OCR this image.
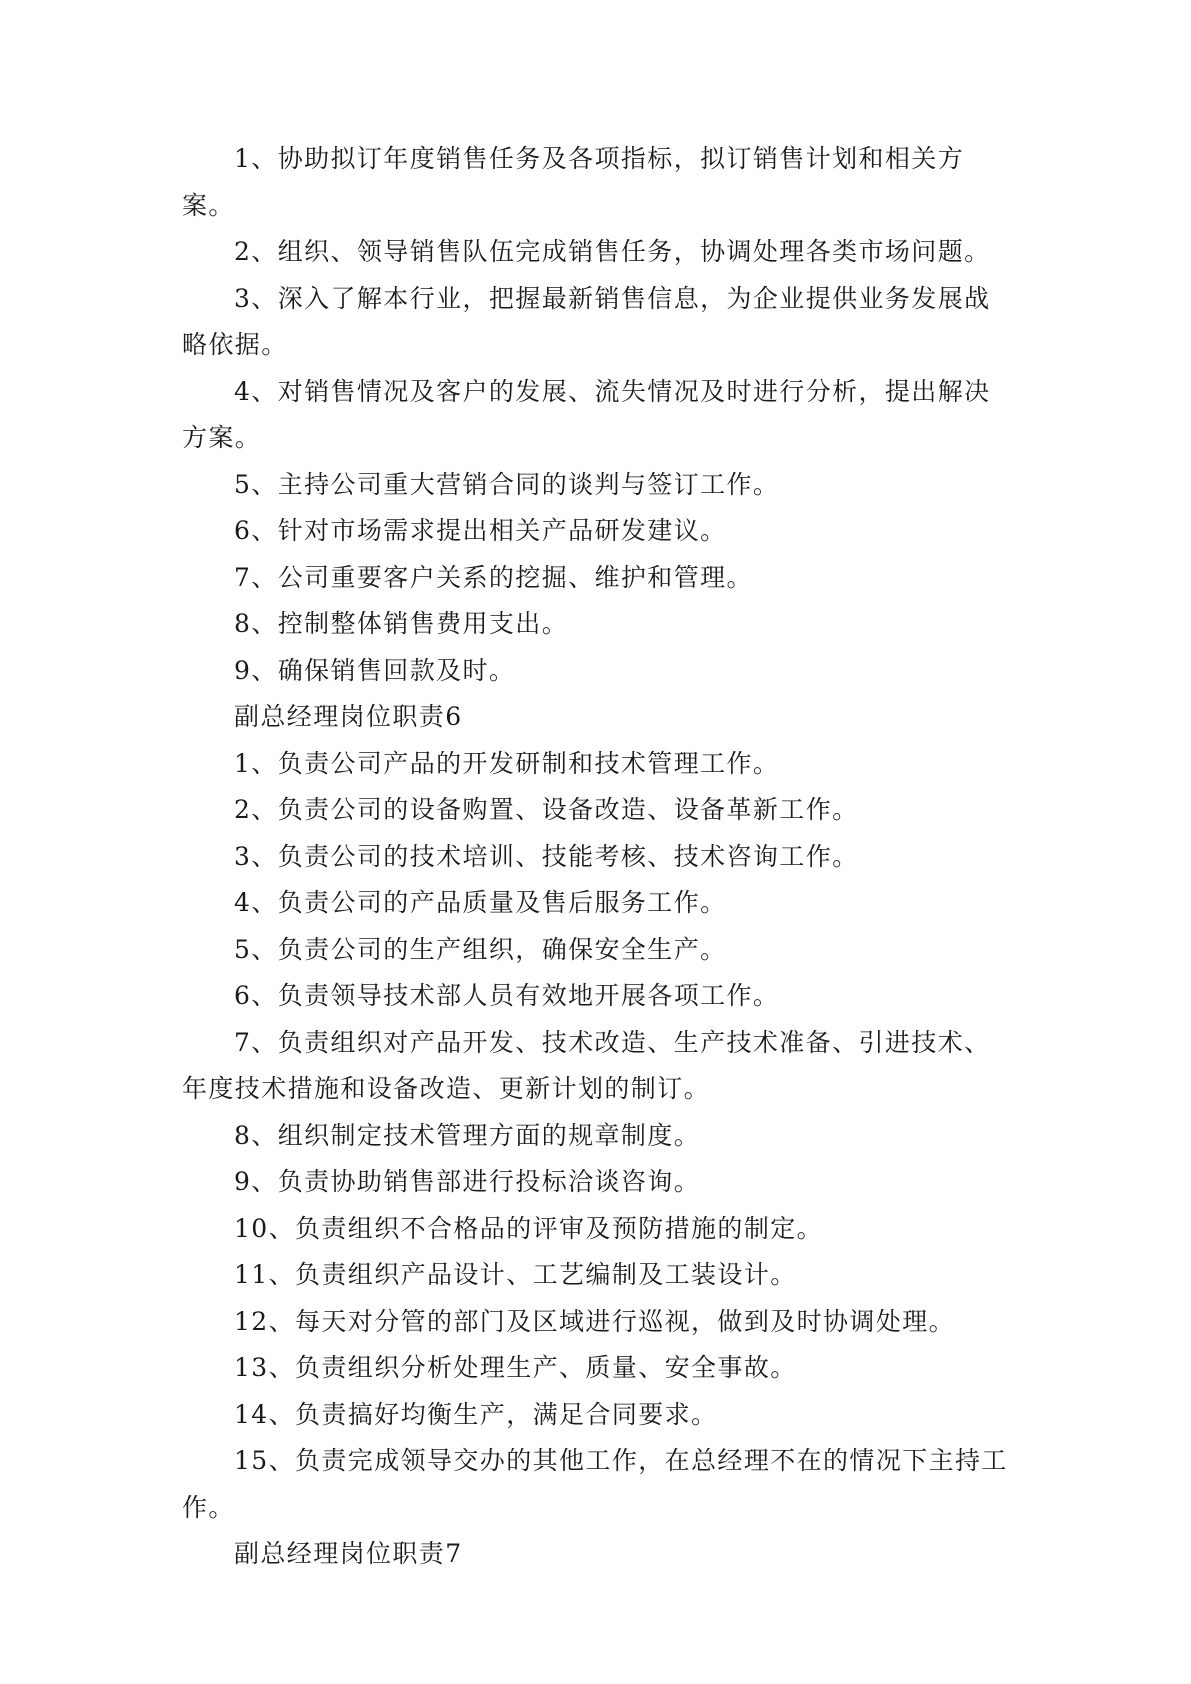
1、协助拟订年度销售任务及各项指标，拟订销售计划和相关方案。

2、组织、领导销售队伍完成销售任务，协调处理各类市场问题。

3、深入了解本行业，把握最新销售信息，为企业提供业务发展战略依据。

4、对销售情况及客户的发展、流失情况及时进行分析，提出解决方案。

5、主持公司重大营销合同的谈判与签订工作。

6、针对市场需求提出相关产品研发建议。

7、公司重要客户关系的挖掘、维护和管理。

8、控制整体销售费用支出。

9、确保销售回款及时。

副总经理岗位职责6

1、负责公司产品的开发研制和技术管理工作。

2、负责公司的设备购置、设备改造、设备革新工作。

3、负责公司的技术培训、技能考核、技术咨询工作。

4、负责公司的产品质量及售后服务工作。

5、负责公司的生产组织，确保安全生产。

6、负责领导技术部人员有效地开展各项工作。

7、负责组织对产品开发、技术改造、生产技术准备、引进技术、年度技术措施和设备改造、更新计划的制订。

8、组织制定技术管理方面的规章制度。

9、负责协助销售部进行投标洽谈咨询。

10、负责组织不合格品的评审及预防措施的制定。

11、负责组织产品设计、工艺编制及工装设计。

12、每天对分管的部门及区域进行巡视，做到及时协调处理。

13、负责组织分析处理生产、质量、安全事故。

14、负责搞好均衡生产，满足合同要求。

15、负责完成领导交办的其他工作，在总经理不在的情况下主持工作。

副总经理岗位职责7
